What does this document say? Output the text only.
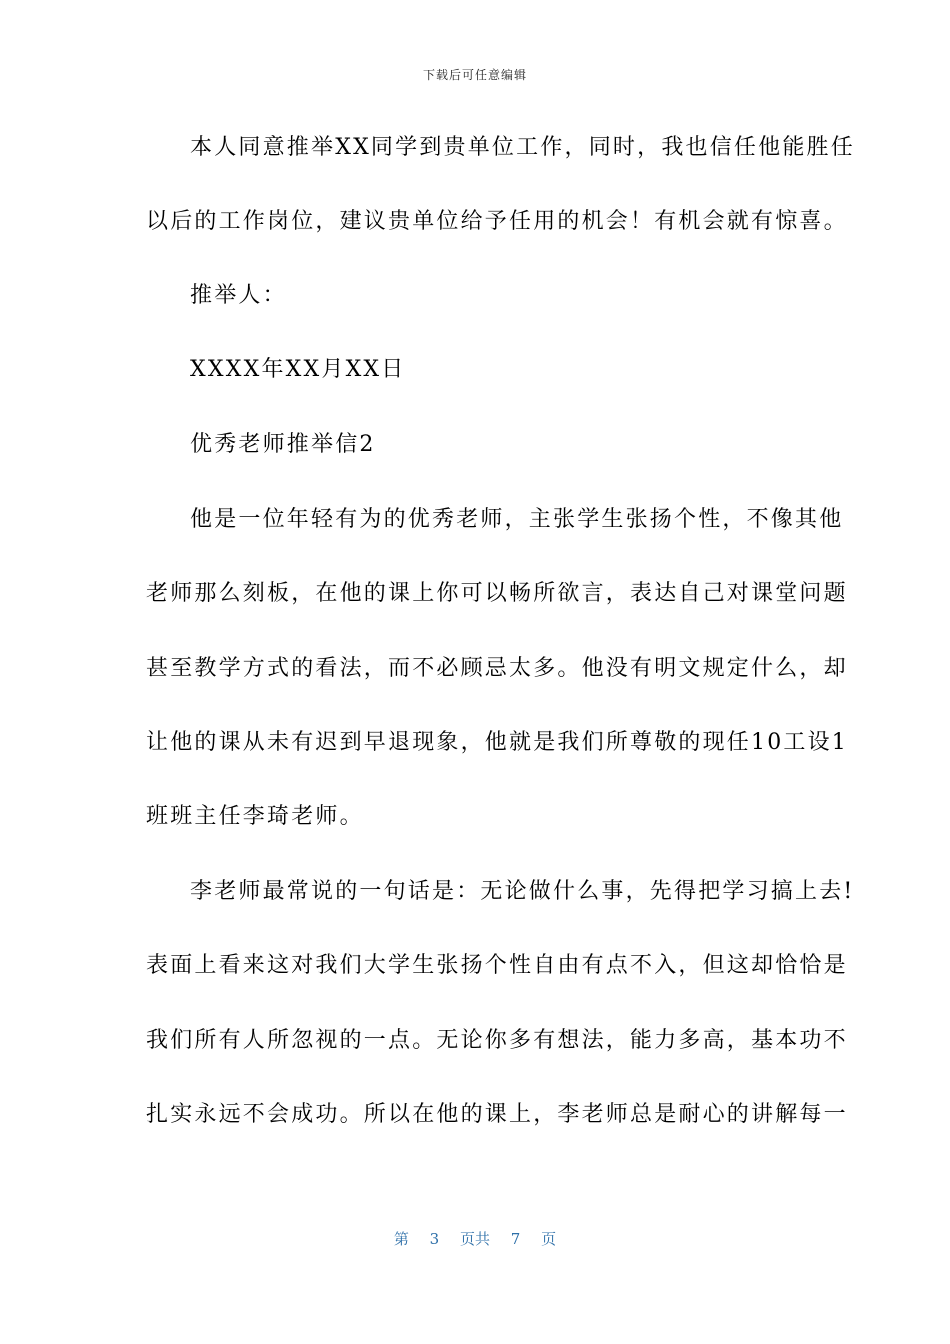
下载后可任意编辑
本人同意推举XX同学到贵单位工作，同时，我也信任他能胜任
以后的工作岗位，建议贵单位给予任用的机会！有机会就有惊喜。
推举人：
XXXX年XX月XX日
优秀老师推举信2
他是一位年轻有为的优秀老师，主张学生张扬个性，不像其他
老师那么刻板，在他的课上你可以畅所欲言，表达自己对课堂问题
甚至教学方式的看法，而不必顾忌太多。他没有明文规定什么，却
让他的课从未有迟到早退现象，他就是我们所尊敬的现任10工设1
班班主任李琦老师。
李老师最常说的一句话是：无论做什么事，先得把学习搞上去!
表面上看来这对我们大学生张扬个性自由有点不入，但这却恰恰是
我们所有人所忽视的一点。无论你多有想法，能力多高，基本功不
扎实永远不会成功。所以在他的课上，李老师总是耐心的讲解每一
第 3 页共 7 页
